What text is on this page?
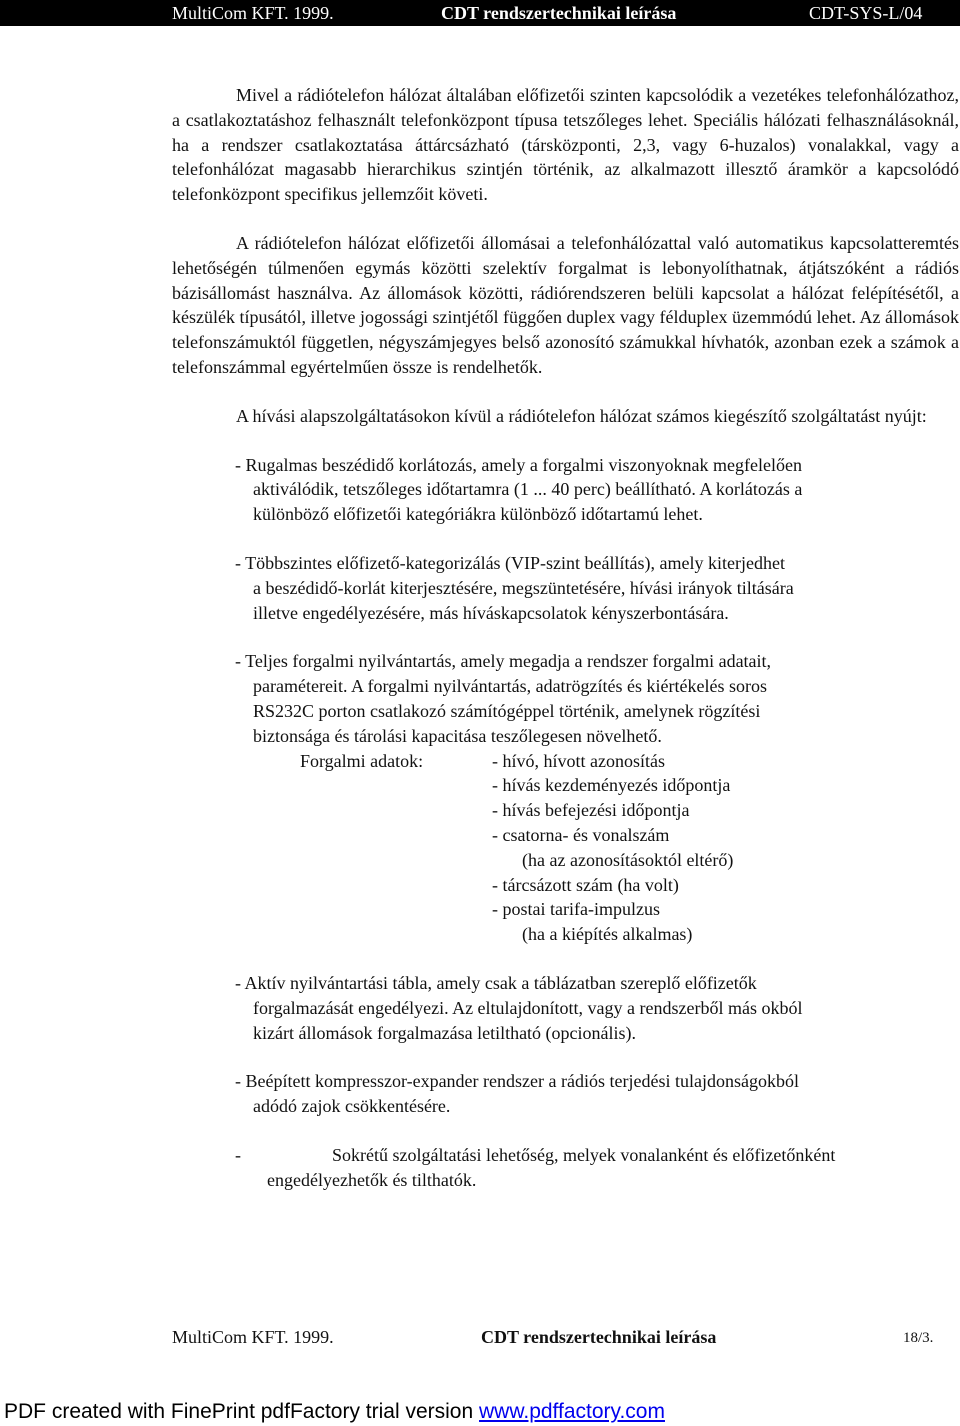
MultiCom KFT. 1999.	CDT rendszertechnikai leírása	CDT-SYS-L/04

Mivel a rádiótelefon hálózat általában előfizetői szinten kapcsolódik a vezetékes telefonhálózathoz, a csatlakoztatáshoz felhasznált telefonközpont típusa tetszőleges lehet. Speciális hálózati felhasználásoknál, ha a rendszer csatlakoztatása áttárcsázható (társközponti, 2,3, vagy 6-huzalos) vonalakkal, vagy a telefonhálózat magasabb hierarchikus szintjén történik, az alkalmazott illesztő áramkör a kapcsolódó telefonközpont specifikus jellemzőit követi.

A rádiótelefon hálózat előfizetői állomásai a telefonhálózattal való automatikus kapcsolatteremtés lehetőségén túlmenően egymás közötti szelektív forgalmat is lebonyolíthatnak, átjátszóként a rádiós bázisállomást használva. Az állomások közötti, rádiórendszeren belüli kapcsolat a hálózat felépítésétől, a készülék típusától, illetve jogossági szintjétől függően duplex vagy félduplex üzemmódú lehet. Az állomások telefonszámuktól független, négyszámjegyes belső azonosító számukkal hívhatók, azonban ezek a számok a telefonszámmal egyértelműen össze is rendelhetők.

A hívási alapszolgáltatásokon kívül a rádiótelefon hálózat számos kiegészítő szolgáltatást nyújt:

- Rugalmas beszédidő korlátozás, amely a forgalmi viszonyoknak megfelelően
aktiválódik, tetszőleges időtartamra (1 ... 40 perc) beállítható. A korlátozás a
különböző előfizetői kategóriákra különböző időtartamú lehet.
- Többszintes előfizető-kategorizálás (VIP-szint beállítás), amely kiterjedhet
a beszédidő-korlát kiterjesztésére, megszüntetésére, hívási irányok tiltására
illetve engedélyezésére, más híváskapcsolatok kényszerbontására.
- Teljes forgalmi nyilvántartás, amely megadja a rendszer forgalmi adatait,
paramétereit. A forgalmi nyilvántartás, adatrögzítés és kiértékelés soros
RS232C porton csatlakozó számítógéppel történik, amelynek rögzítési
biztonsága és tárolási kapacitása teszőlegesen növelhető.
Forgalmi adatok:	- hívó, hívott azonosítás
- hívás kezdeményezés időpontja
- hívás befejezési időpontja
- csatorna- és vonalszám
(ha az azonosításoktól eltérő)
- tárcsázott szám (ha volt)
- postai tarifa-impulzus
(ha a kiépítés alkalmas)
- Aktív nyilvántartási tábla, amely csak a táblázatban szereplő előfizetők
forgalmazását engedélyezi. Az eltulajdonított, vagy a rendszerből más okból
kizárt állomások forgalmazása letiltható (opcionális).
- Beépített kompresszor-expander rendszer a rádiós terjedési tulajdonságokból
adódó zajok csökkentésére.
-	Sokrétű szolgáltatási lehetőség, melyek vonalanként és előfizetőnként
engedélyezhetők és tilthatók.
MultiCom KFT. 1999.	CDT rendszertechnikai leírása	18/3.
PDF created with FinePrint pdfFactory trial version www.pdffactory.com
